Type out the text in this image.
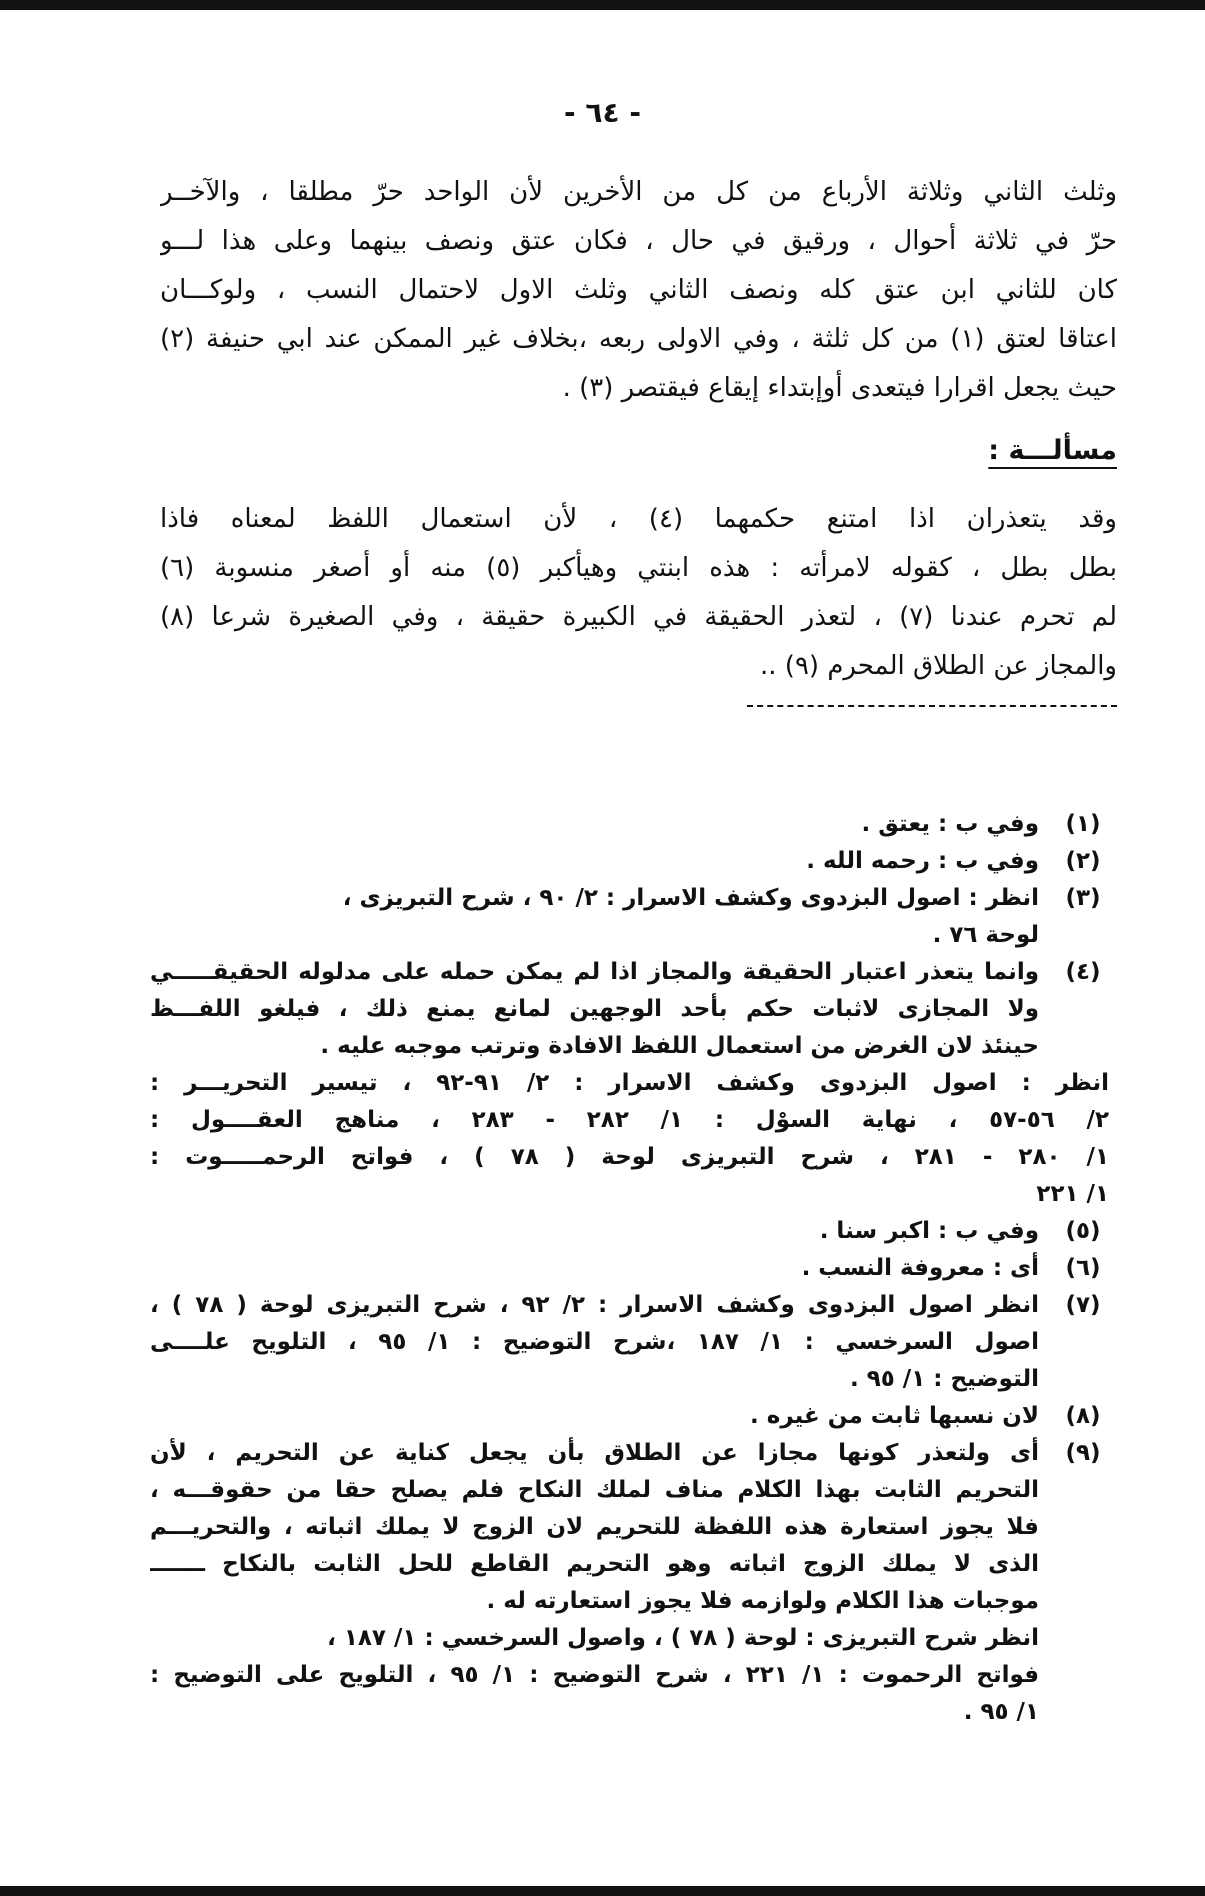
- ٦٤ -
وثلث الثاني وثلاثة الأرباع من كل من الأخرين لأن الواحد حرّ مطلقا ، والآخــر
حرّ في ثلاثة أحوال ، ورقيق في حال ، فكان عتق ونصف بينهما وعلى هذا لـــو
كان للثاني ابن عتق كله ونصف الثاني وثلث الاول لاحتمال النسب ، ولوكـــان
اعتاقا لعتق (١) من كل ثلثة ، وفي الاولى ربعه ،بخلاف غير الممكن عند ابي حنيفة (٢)
حيث يجعل اقرارا فيتعدى أوإبتداء إيقاع فيقتصر (٣) .
مسألـــة :
وقد يتعذران اذا امتنع حكمهما (٤) ، لأن استعمال اللفظ لمعناه فاذا
بطل بطل ، كقوله لامرأته : هذه ابنتي وهيأكبر (٥) منه أو أصغر منسوبة (٦)
لم تحرم عندنا (٧) ، لتعذر الحقيقة في الكبيرة حقيقة ، وفي الصغيرة شرعا (٨)
والمجاز عن الطلاق المحرم (٩) ..
(١)
وفي ب : يعتق .
(٢)
وفي ب : رحمه الله .
(٣)
انظر : اصول البزدوى وكشف الاسرار : ٢/ ٩٠ ، شرح التبريزى ،
لوحة ٧٦ .
(٤)
وانما يتعذر اعتبار الحقيقة والمجاز اذا لم يمكن حمله على مدلوله الحقيقـــــي
ولا المجازى لاثبات حكم بأحد الوجهين لمانع يمنع ذلك ، فيلغو اللفـــظ
حينئذ لان الغرض من استعمال اللفظ الافادة وترتب موجبه عليه .
انظر : اصول البزدوى وكشف الاسرار : ٢/ ٩١-٩٢ ، تيسير التحريـــر :
٢/ ٥٦-٥٧ ، نهاية السوْل : ١/ ٢٨٢ - ٢٨٣ ، مناهج العقــــول :
١/ ٢٨٠ - ٢٨١ ، شرح التبريزى لوحة ( ٧٨ ) ، فواتح الرحمـــــوت :
١/ ٢٢١
(٥)
وفي ب : اكبر سنا .
(٦)
أى : معروفة النسب .
(٧)
انظر اصول البزدوى وكشف الاسرار : ٢/ ٩٢ ، شرح التبريزى لوحة ( ٧٨ ) ،
اصول السرخسي : ١/ ١٨٧ ،شرح التوضيح : ١/ ٩٥ ، التلويح علــــى
التوضيح : ١/ ٩٥ .
(٨)
لان نسبها ثابت من غيره .
(٩)
أى ولتعذر كونها مجازا عن الطلاق بأن يجعل كناية عن التحريم ، لأن
التحريم الثابت بهذا الكلام مناف لملك النكاح فلم يصلح حقا من حقوقـــه ،
فلا يجوز استعارة هذه اللفظة للتحريم لان الزوج لا يملك اثباته ، والتحريـــم
الذى لا يملك الزوج اثباته وهو التحريم القاطع للحل الثابت بالنكاح ـــــــ
موجبات هذا الكلام ولوازمه فلا يجوز استعارته له .
انظر شرح التبريزى : لوحة ( ٧٨ ) ، واصول السرخسي : ١/ ١٨٧ ،
فواتح الرحموت : ١/ ٢٢١ ، شرح التوضيح : ١/ ٩٥ ، التلويح على التوضيح :
١/ ٩٥ .
